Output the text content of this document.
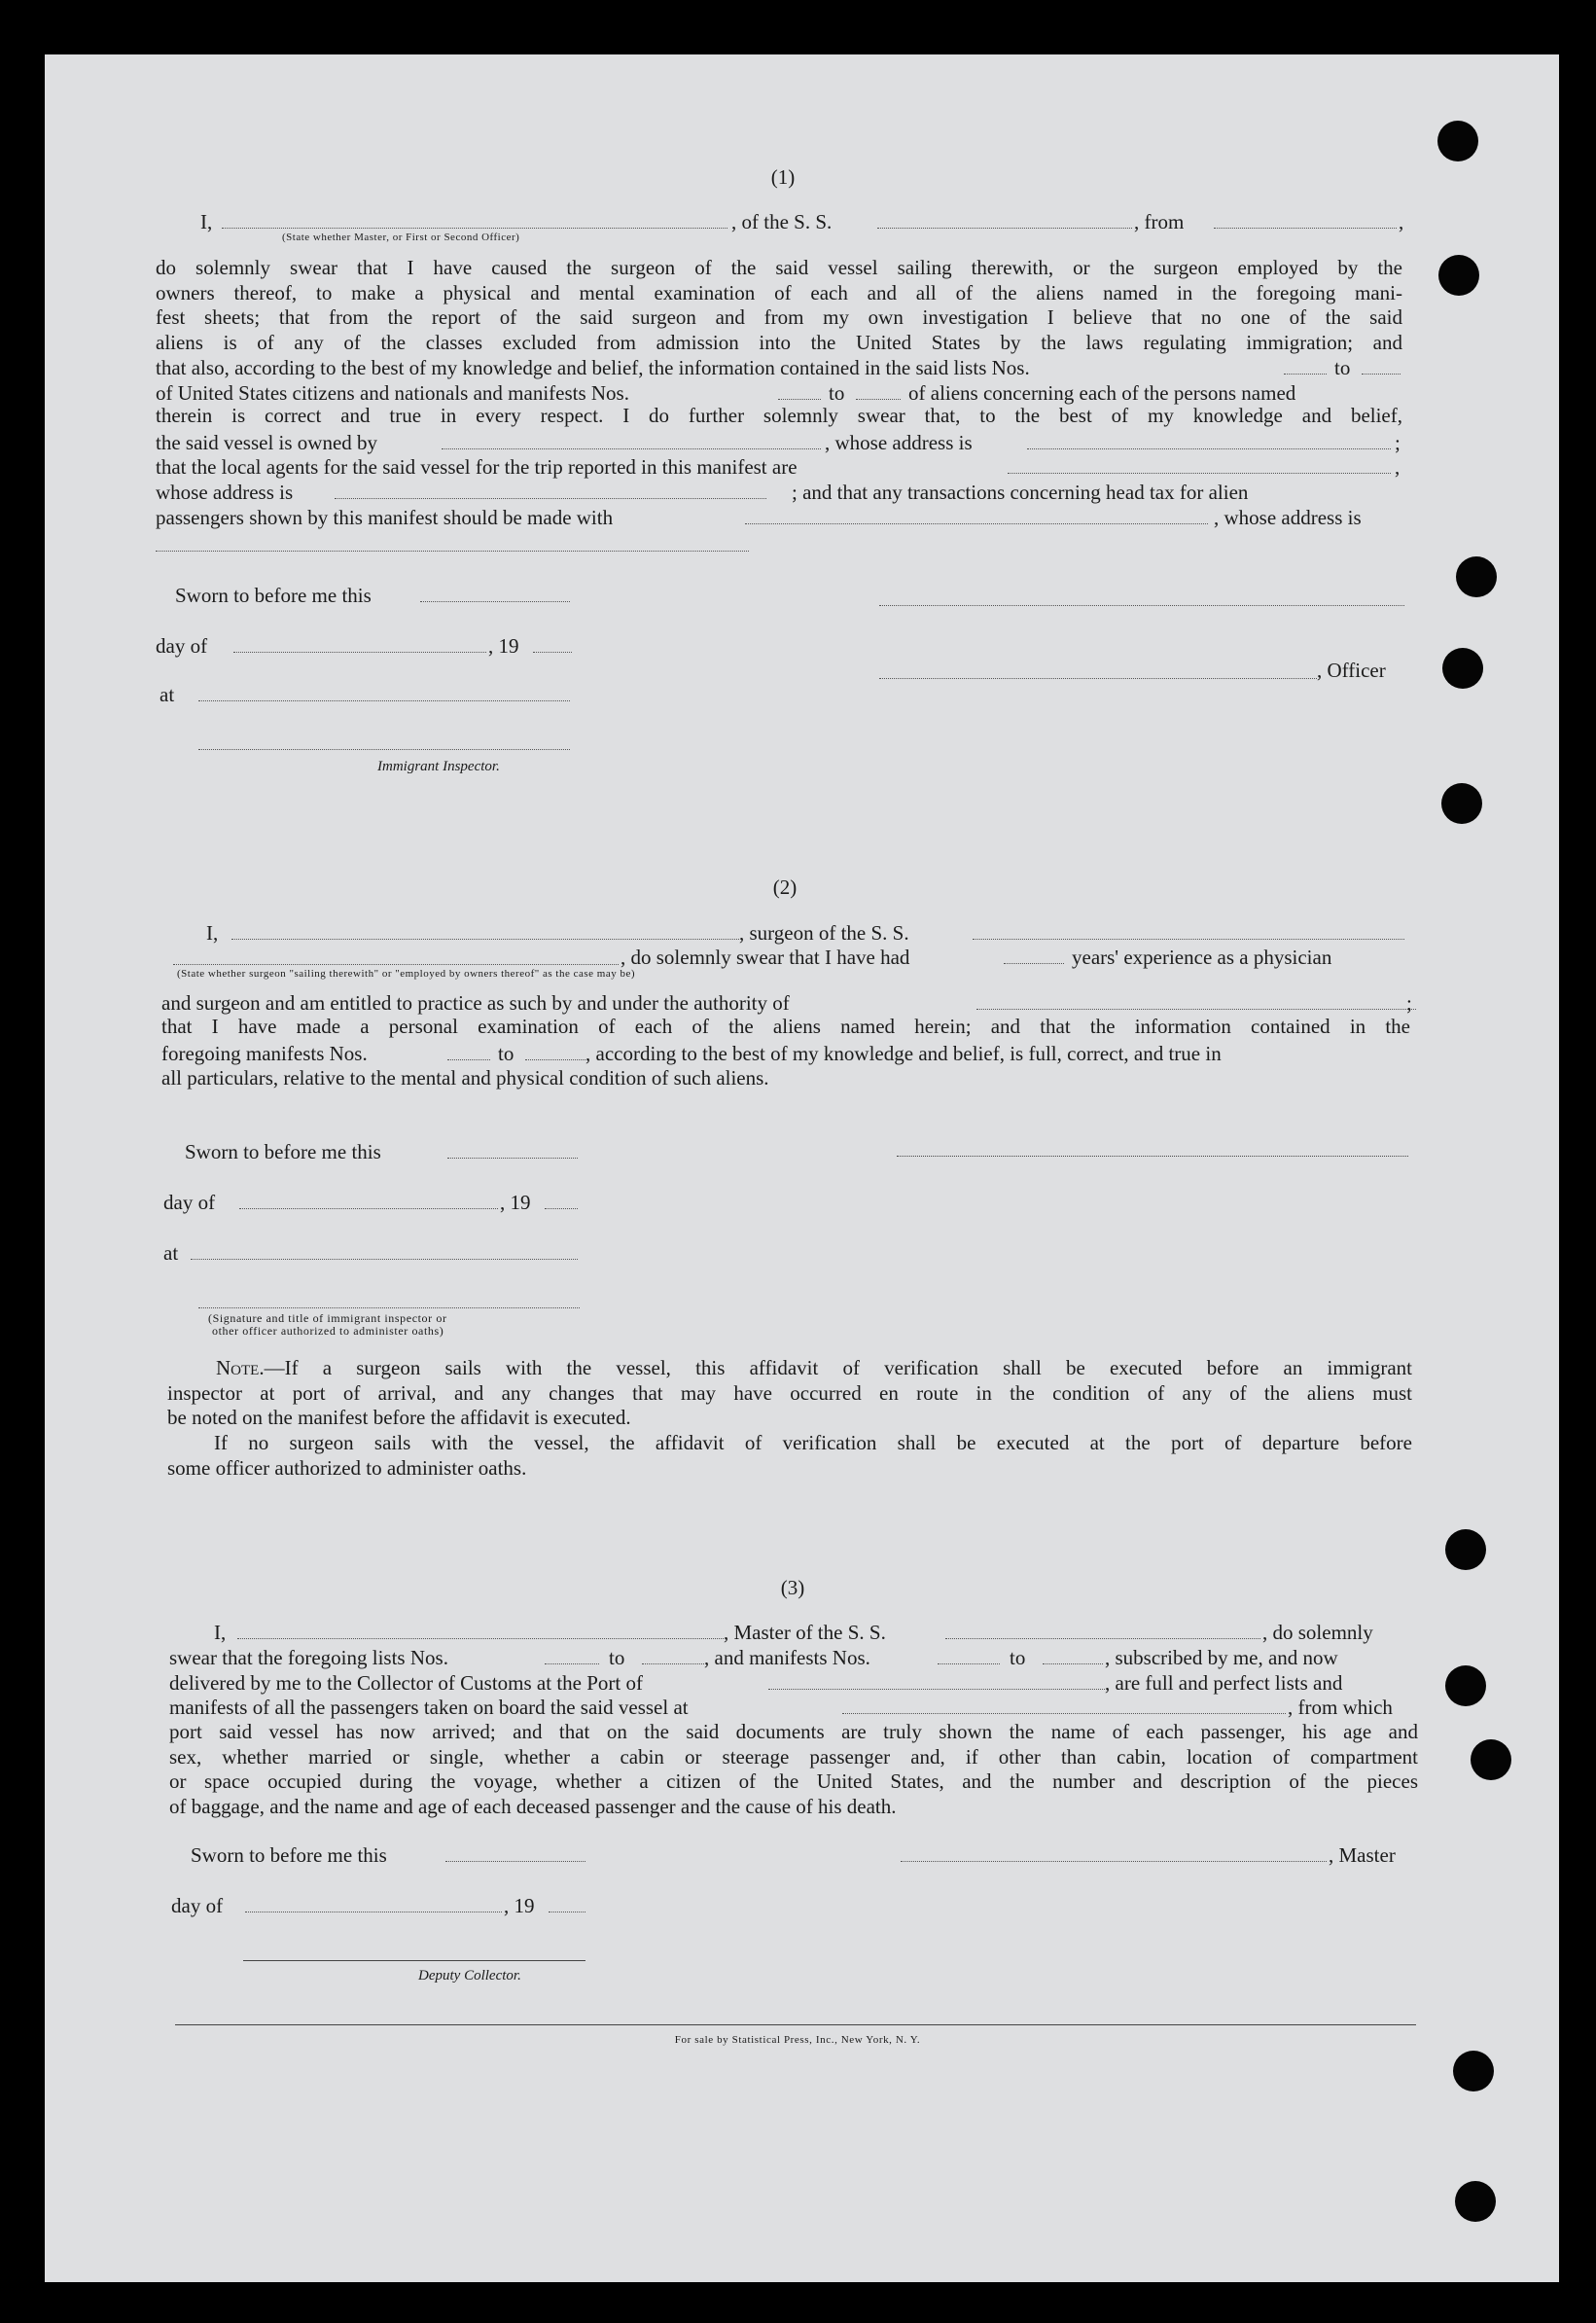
(1)
I,
(State whether Master, or First or Second Officer)
, of the S. S.	, from	,
do solemnly swear that I have caused the surgeon of the said vessel sailing therewith, or the surgeon employed by the
owners thereof, to make a physical and mental examination of each and all of the aliens named in the foregoing mani-
fest sheets; that from the report of the said surgeon and from my own investigation I believe that no one of the said
aliens is of any of the classes excluded from admission into the United States by the laws regulating immigration; and
that also, according to the best of my knowledge and belief, the information contained in the said lists Nos.	to
of United States citizens and nationals and manifests Nos.	to	of aliens concerning each of the persons named
therein is correct and true in every respect. I do further solemnly swear that, to the best of my knowledge and belief,
the said vessel is owned by	, whose address is	;
that the local agents for the said vessel for the trip reported in this manifest are	,
whose address is	; and that any transactions concerning head tax for alien
passengers shown by this manifest should be made with	, whose address is
Sworn to before me this
day of	, 19
, Officer
at
Immigrant Inspector.
(2)
I,	, surgeon of the S. S.
, do solemnly swear that I have had	years' experience as a physician
(State whether surgeon "sailing therewith" or "employed by owners thereof" as the case may be)
and surgeon and am entitled to practice as such by and under the authority of	;
that I have made a personal examination of each of the aliens named herein; and that the information contained in the
foregoing manifests Nos.	to	, according to the best of my knowledge and belief, is full, correct, and true in
all particulars, relative to the mental and physical condition of such aliens.
Sworn to before me this
day of	, 19
at
(Signature and title of immigrant inspector or
other officer authorized to administer oaths)
Note.—If a surgeon sails with the vessel, this affidavit of verification shall be executed before an immigrant
inspector at port of arrival, and any changes that may have occurred en route in the condition of any of the aliens must
be noted on the manifest before the affidavit is executed.
If no surgeon sails with the vessel, the affidavit of verification shall be executed at the port of departure before
some officer authorized to administer oaths.
(3)
I,	, Master of the S. S.	, do solemnly
swear that the foregoing lists Nos.	to	, and manifests Nos.	to	, subscribed by me, and now
delivered by me to the Collector of Customs at the Port of	, are full and perfect lists and
manifests of all the passengers taken on board the said vessel at	, from which
port said vessel has now arrived; and that on the said documents are truly shown the name of each passenger, his age and
sex, whether married or single, whether a cabin or steerage passenger and, if other than cabin, location of compartment
or space occupied during the voyage, whether a citizen of the United States, and the number and description of the pieces
of baggage, and the name and age of each deceased passenger and the cause of his death.
Sworn to before me this	, Master
day of	, 19
Deputy Collector.
For sale by Statistical Press, Inc., New York, N. Y.
